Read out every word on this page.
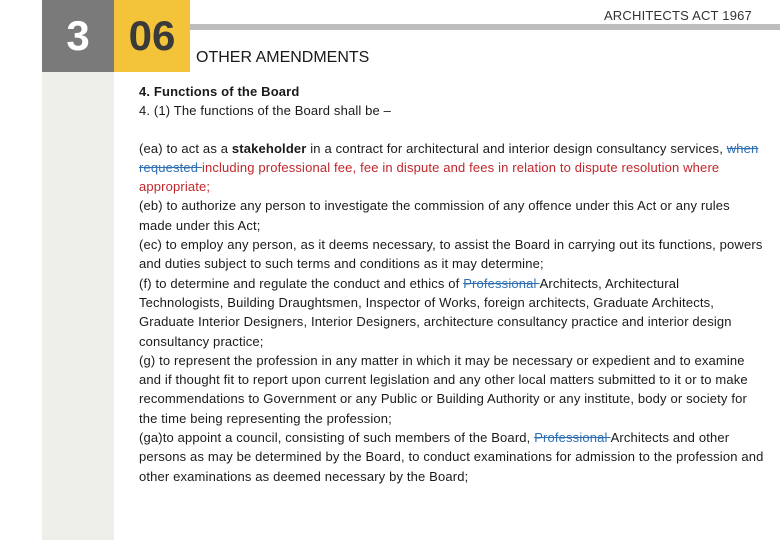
3 06	ARCHITECTS ACT 1967
OTHER AMENDMENTS
4. Functions of the Board
4. (1) The functions of the Board shall be –
(ea) to act as a stakeholder in a contract for architectural and interior design consultancy services, when requested including professional fee, fee in dispute and fees in relation to dispute resolution where appropriate;
(eb) to authorize any person to investigate the commission of any offence under this Act or any rules made under this Act;
(ec) to employ any person, as it deems necessary, to assist the Board in carrying out its functions, powers and duties subject to such terms and conditions as it may determine;
(f) to determine and regulate the conduct and ethics of Professional Architects, Architectural Technologists, Building Draughtsmen, Inspector of Works, foreign architects, Graduate Architects, Graduate Interior Designers, Interior Designers, architecture consultancy practice and interior design consultancy practice;
(g) to represent the profession in any matter in which it may be necessary or expedient and to examine and if thought fit to report upon current legislation and any other local matters submitted to it or to make recommendations to Government or any Public or Building Authority or any institute, body or society for the time being representing the profession;
(ga)to appoint a council, consisting of such members of the Board, Professional Architects and other persons as may be determined by the Board, to conduct examinations for admission to the profession and other examinations as deemed necessary by the Board;
